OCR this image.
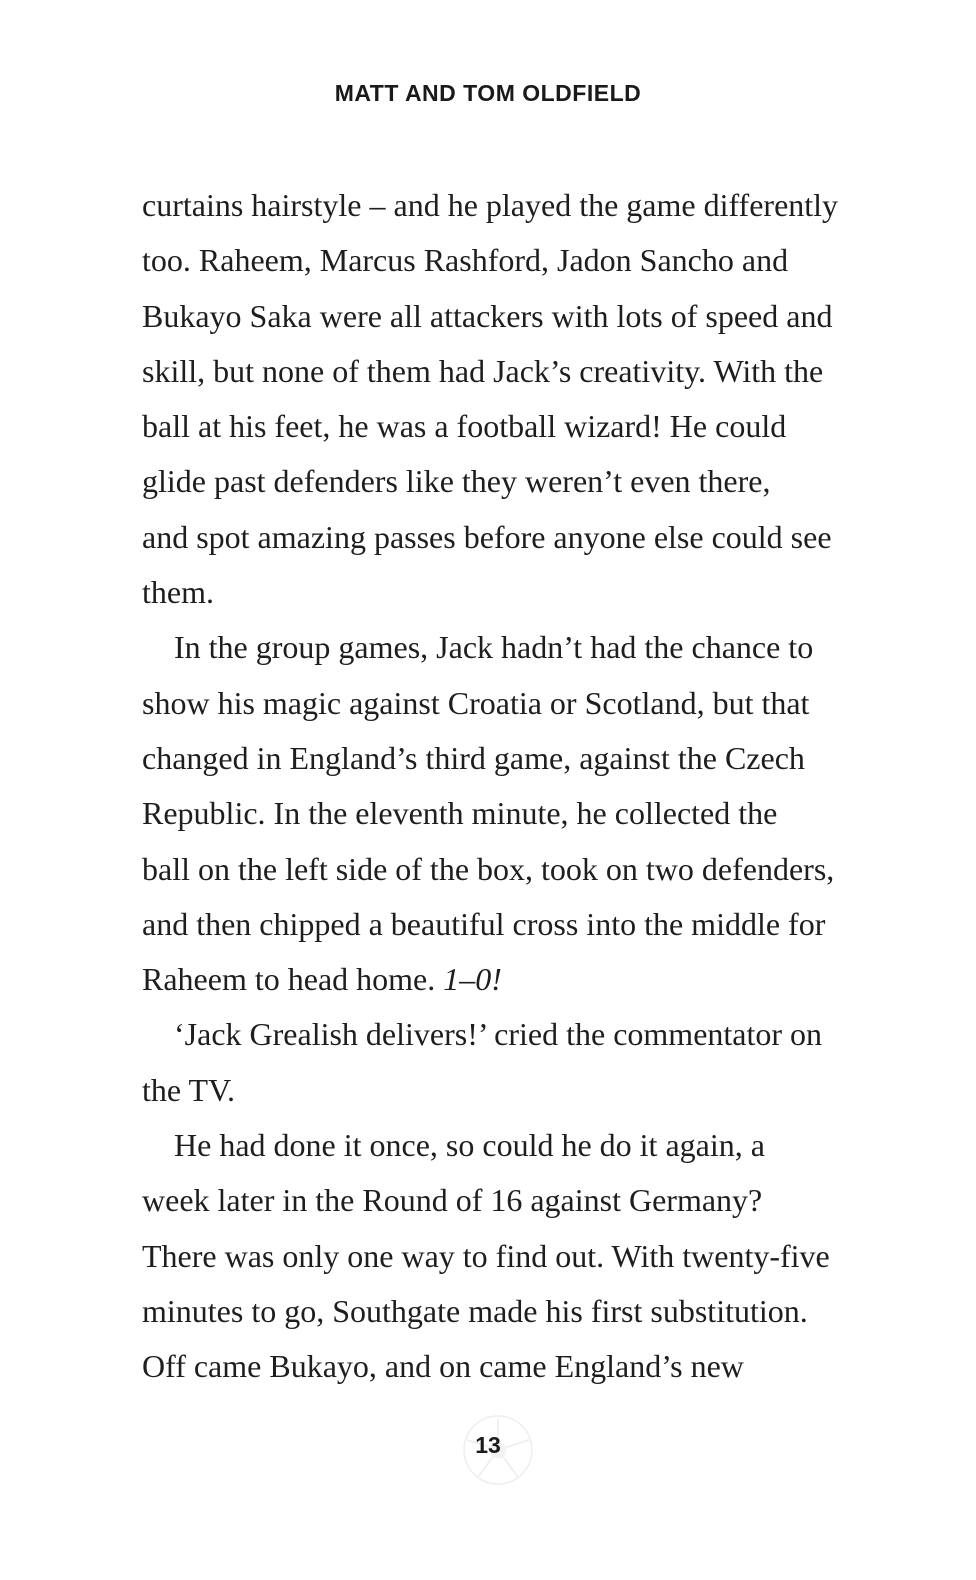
MATT AND TOM OLDFIELD

curtains hairstyle – and he played the game differently
too. Raheem, Marcus Rashford, Jadon Sancho and
Bukayo Saka were all attackers with lots of speed and
skill, but none of them had Jack’s creativity. With the
ball at his feet, he was a football wizard! He could
glide past defenders like they weren’t even there,
and spot amazing passes before anyone else could see
them.

In the group games, Jack hadn’t had the chance to
show his magic against Croatia or Scotland, but that
changed in England’s third game, against the Czech
Republic. In the eleventh minute, he collected the
ball on the left side of the box, took on two defenders,
and then chipped a beautiful cross into the middle for
Raheem to head home. 1–0!

‘Jack Grealish delivers!’ cried the commentator on
the TV.

He had done it once, so could he do it again, a
week later in the Round of 16 against Germany?
There was only one way to find out. With twenty-five
minutes to go, Southgate made his first substitution.
Off came Bukayo, and on came England’s new

13
